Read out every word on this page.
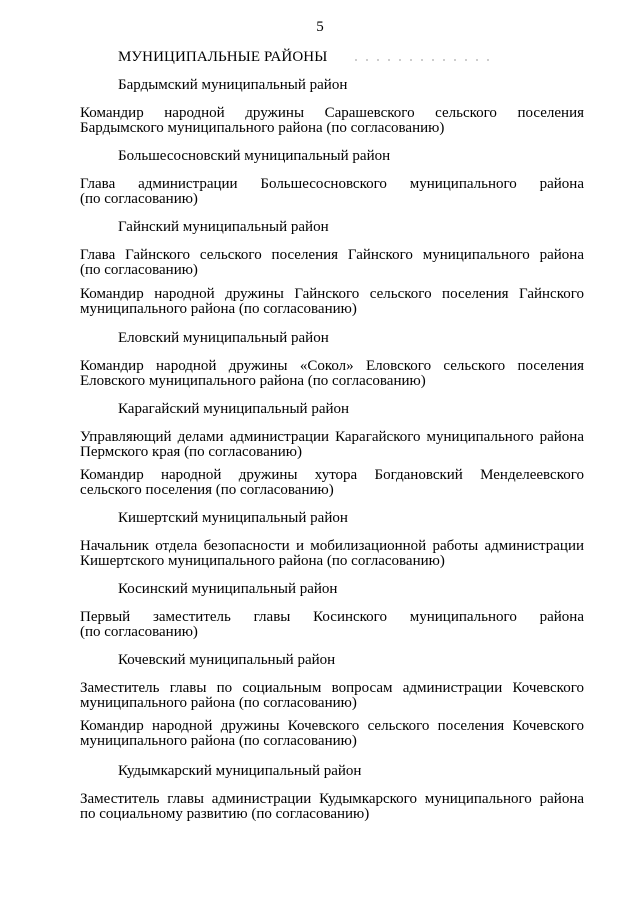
5
МУНИЦИПАЛЬНЫЕ РАЙОНЫ
Бардымский муниципальный район
Командир народной дружины Сарашевского сельского поселения
Бардымского муниципального района (по согласованию)
Большесосновский муниципальный район
Глава администрации Большесосновского муниципального района
(по согласованию)
Гайнский муниципальный район
Глава Гайнского сельского поселения Гайнского муниципального района
(по согласованию)
Командир народной дружины Гайнского сельского поселения Гайнского
муниципального района (по согласованию)
Еловский муниципальный район
Командир народной дружины «Сокол» Еловского сельского поселения
Еловского муниципального района (по согласованию)
Карагайский муниципальный район
Управляющий делами администрации Карагайского муниципального района
Пермского края (по согласованию)
Командир народной дружины хутора Богдановский Менделеевского
сельского поселения (по согласованию)
Кишертский муниципальный район
Начальник отдела безопасности и мобилизационной работы администрации
Кишертского муниципального района (по согласованию)
Косинский муниципальный район
Первый заместитель главы Косинского муниципального района
(по согласованию)
Кочевский муниципальный район
Заместитель главы по социальным вопросам администрации Кочевского
муниципального района (по согласованию)
Командир народной дружины Кочевского сельского поселения Кочевского
муниципального района (по согласованию)
Кудымкарский муниципальный район
Заместитель главы администрации Кудымкарского муниципального района
по социальному развитию (по согласованию)
